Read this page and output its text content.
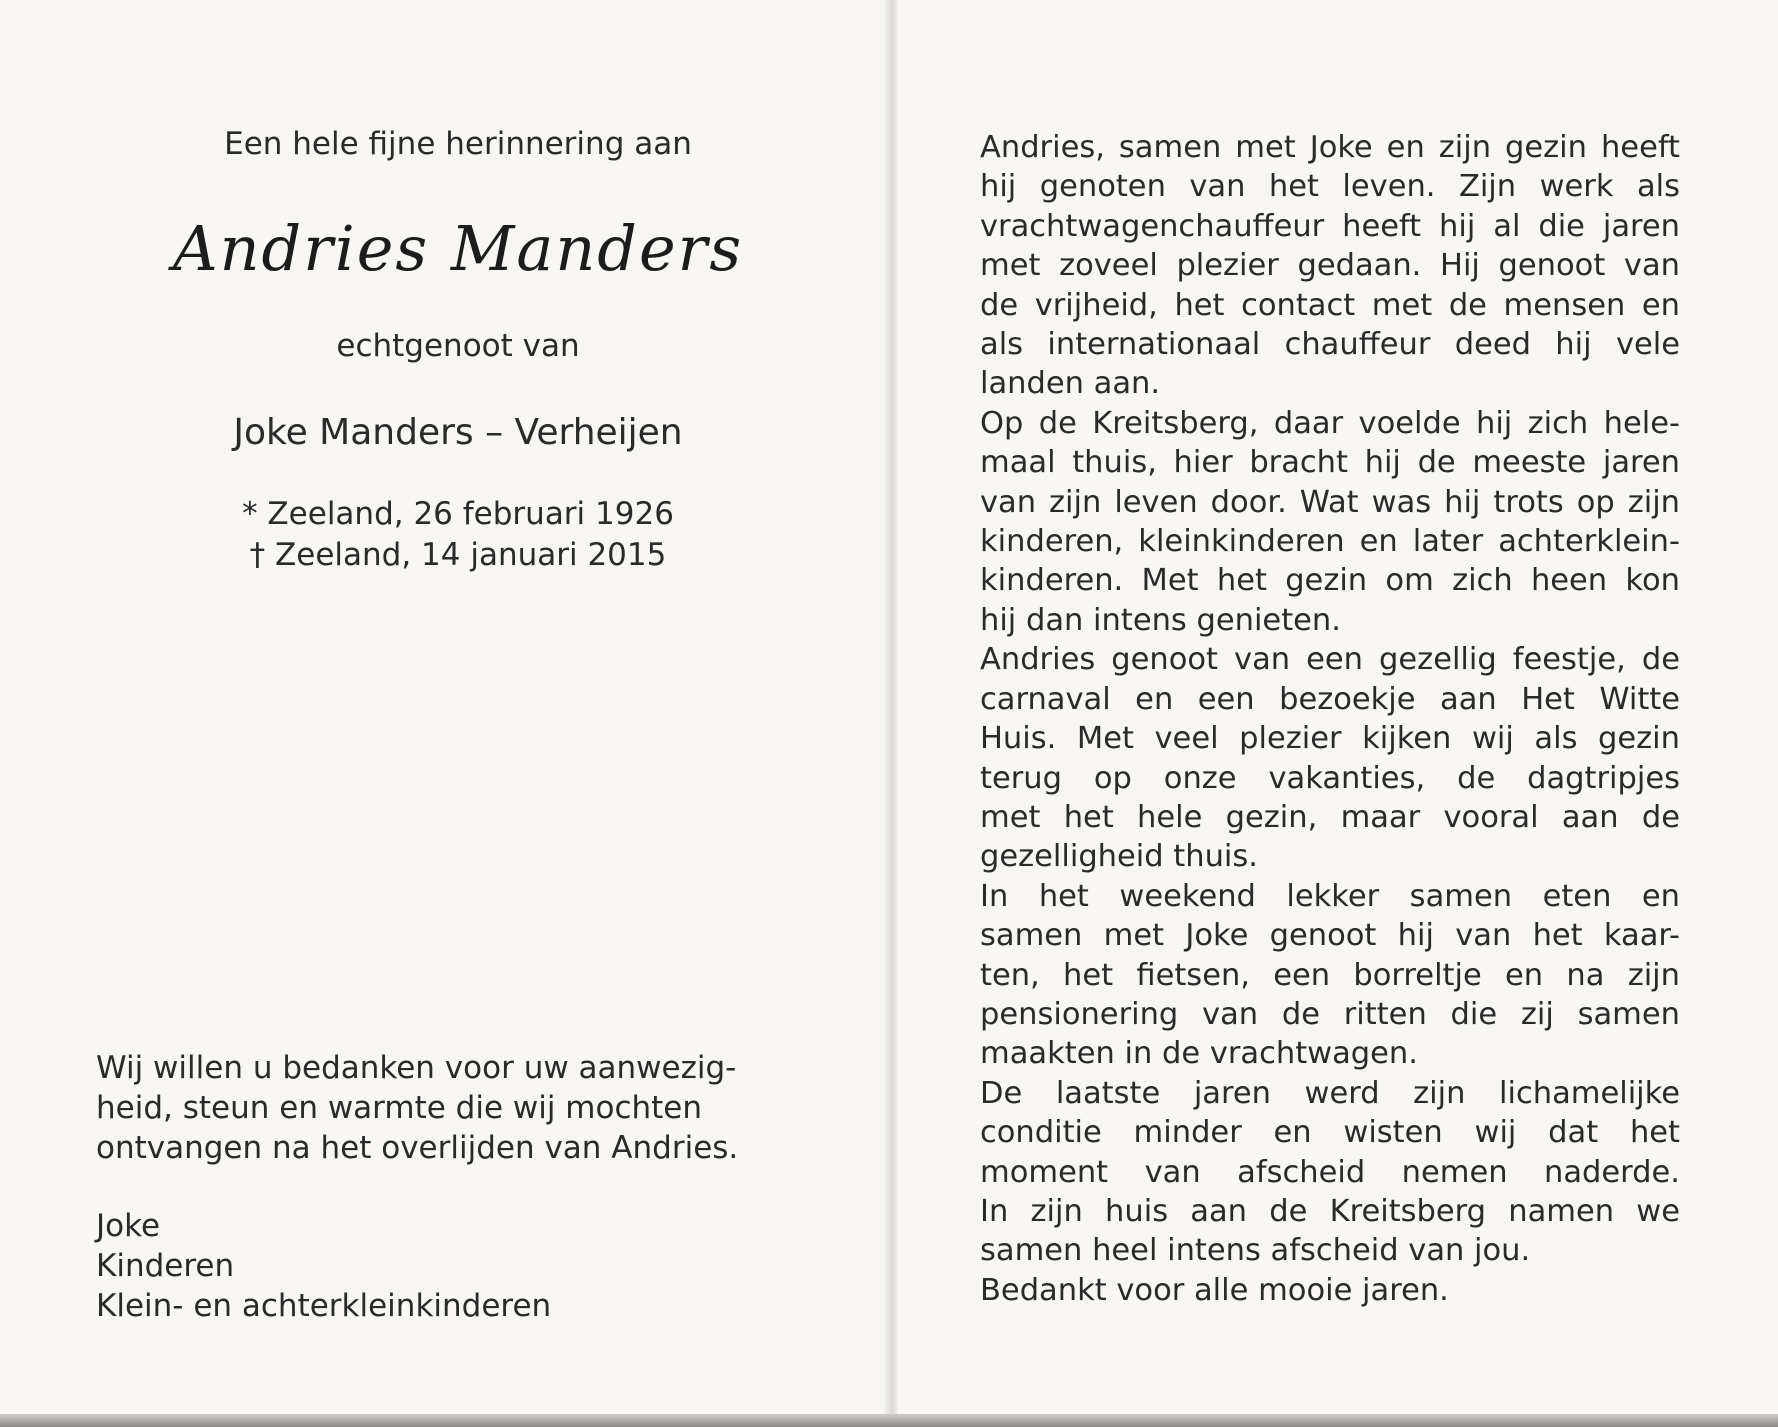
Een hele fijne herinnering aan
Andries Manders
echtgenoot van
Joke Manders – Verheijen
* Zeeland, 26 februari 1926
† Zeeland, 14 januari 2015
Wij willen u bedanken voor uw aanwezig-
heid, steun en warmte die wij mochten
ontvangen na het overlijden van Andries.
Joke
Kinderen
Klein- en achterkleinkinderen
Andries, samen met Joke en zijn gezin heeft
hij genoten van het leven. Zijn werk als
vrachtwagenchauffeur heeft hij al die jaren
met zoveel plezier gedaan. Hij genoot van
de vrijheid, het contact met de mensen en
als internationaal chauffeur deed hij vele
landen aan.
Op de Kreitsberg, daar voelde hij zich hele-
maal thuis, hier bracht hij de meeste jaren
van zijn leven door. Wat was hij trots op zijn
kinderen, kleinkinderen en later achterklein-
kinderen. Met het gezin om zich heen kon
hij dan intens genieten.
Andries genoot van een gezellig feestje, de
carnaval en een bezoekje aan Het Witte
Huis. Met veel plezier kijken wij als gezin
terug op onze vakanties, de dagtripjes
met het hele gezin, maar vooral aan de
gezelligheid thuis.
In het weekend lekker samen eten en
samen met Joke genoot hij van het kaar-
ten, het fietsen, een borreltje en na zijn
pensionering van de ritten die zij samen
maakten in de vrachtwagen.
De laatste jaren werd zijn lichamelijke
conditie minder en wisten wij dat het
moment van afscheid nemen naderde.
In zijn huis aan de Kreitsberg namen we
samen heel intens afscheid van jou.
Bedankt voor alle mooie jaren.
